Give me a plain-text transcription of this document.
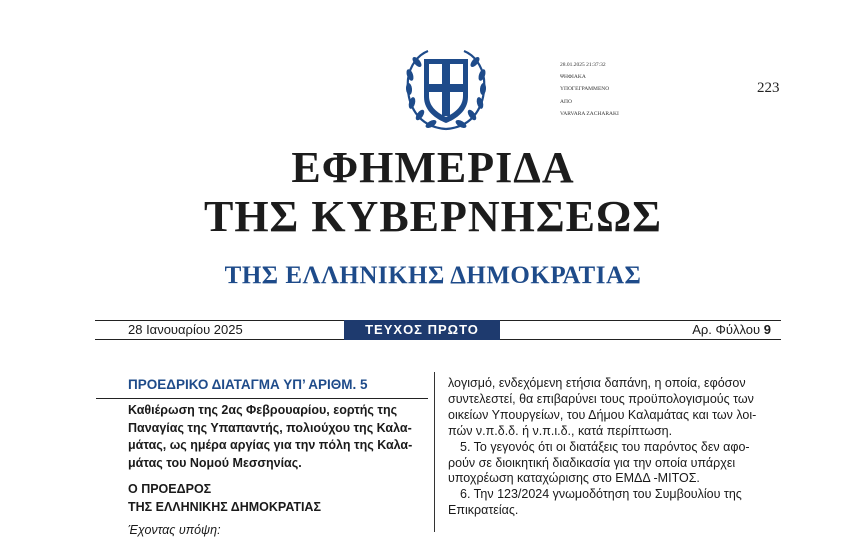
28.01.2025 21:37:32
ΨΗΦΙΑΚΑ
ΥΠΟΓΕΓΡΑΜΜΕΝΟ
ΑΠΟ
VARVARA ZACHARAKI
223
ΕΦΗΜΕΡΙΔΑ
ΤΗΣ ΚΥΒΕΡΝΗΣΕΩΣ
ΤΗΣ ΕΛΛΗΝΙΚΗΣ ΔΗΜΟΚΡΑΤΙΑΣ
28 Ιανουαρίου 2025	ΤΕΥΧΟΣ ΠΡΩΤΟ	Αρ. Φύλλου 9
ΠΡΟΕΔΡΙΚΟ ΔΙΑΤΑΓΜΑ ΥΠ’ ΑΡΙΘΜ. 5
Καθιέρωση της 2ας Φεβρουαρίου, εορτής της
Παναγίας της Υπαπαντής, πολιούχου της Καλα-
μάτας, ως ημέρα αργίας για την πόλη της Καλα-
μάτας του Νομού Μεσσηνίας.
Ο ΠΡΟΕΔΡΟΣ
ΤΗΣ ΕΛΛΗΝΙΚΗΣ ΔΗΜΟΚΡΑΤΙΑΣ
Έχοντας υπόψη:

λογισμό, ενδεχόμενη ετήσια δαπάνη, η οποία, εφόσον

συντελεστεί, θα επιβαρύνει τους προϋπολογισμούς των

οικείων Υπουργείων, του Δήμου Καλαμάτας και των λοι-

πών ν.π.δ.δ. ή ν.π.ι.δ., κατά περίπτωση.

5. Το γεγονός ότι οι διατάξεις του παρόντος δεν αφο-

ρούν σε διοικητική διαδικασία για την οποία υπάρχει

υποχρέωση καταχώρισης στο ΕΜΔΔ -ΜΙΤΟΣ.

6. Την 123/2024 γνωμοδότηση του Συμβουλίου της

Επικρατείας.
